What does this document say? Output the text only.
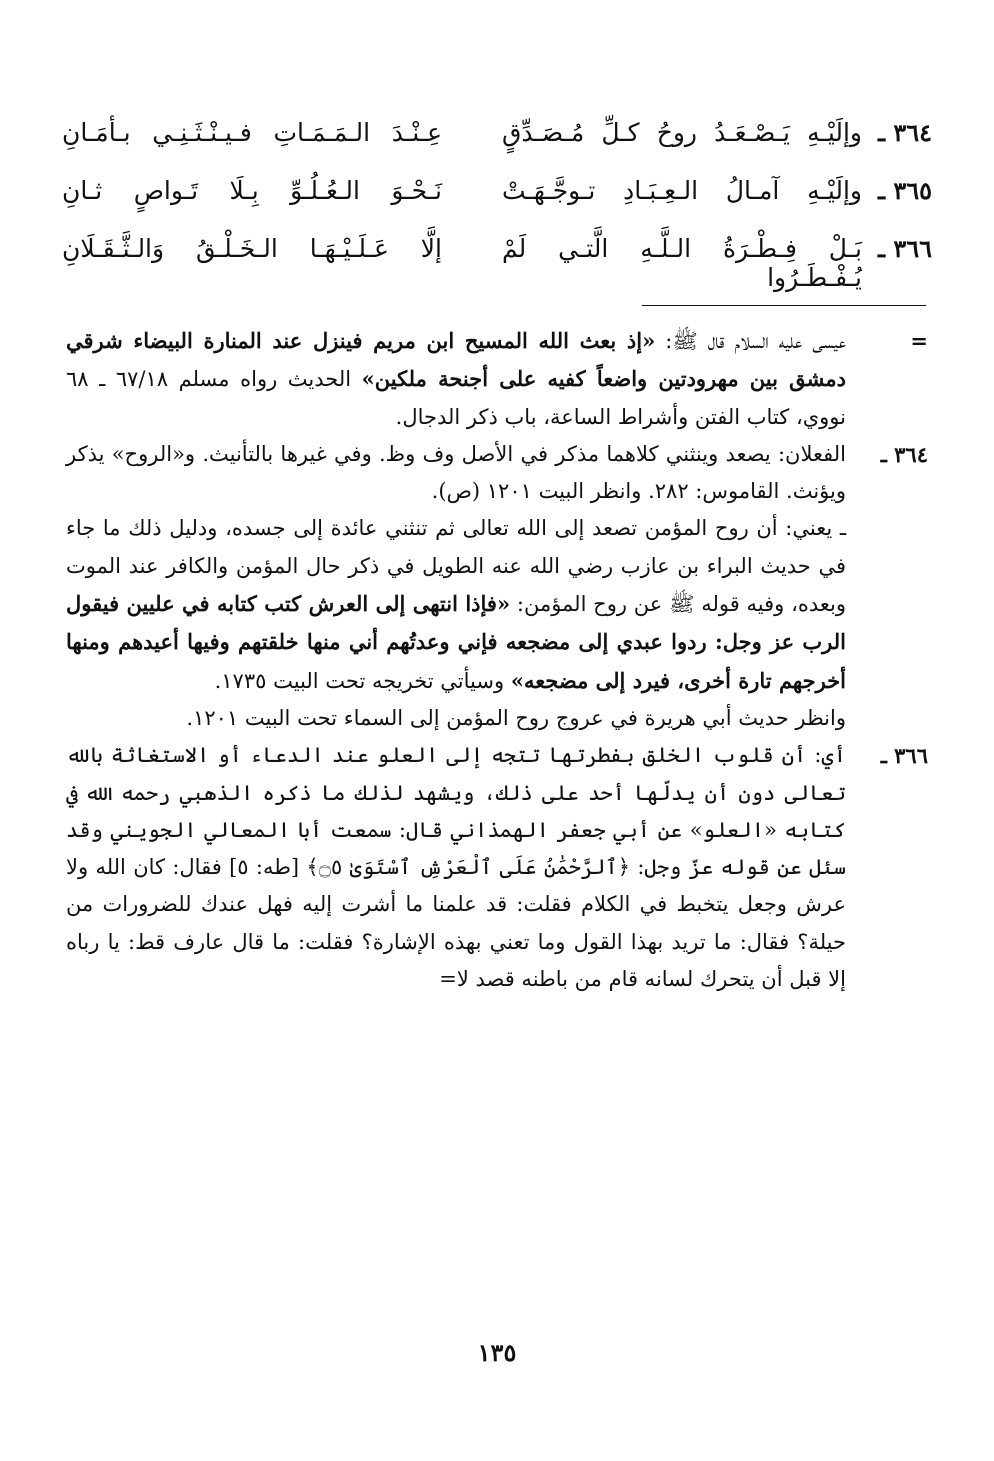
٣٦٤ ـ
وإلَيْـهِ يَـصْـعَـدُ روحُ كـلِّ مُـصَـدِّقٍ
عِـنْـدَ الـمَـمَـاتِ فـيـنْـثَـنِـي بـأمَـانِ
٣٦٥ ـ
وإلَيْـهِ آمـالُ الـعِـبَـادِ تـوجَّـهَـتْ
نَـحْـوَ الـعُـلُـوِّ بِـلَا تَـواصٍ ثـانِ
٣٦٦ ـ
بَـلْ فِـطْـرَةُ الـلَّـهِ الَّتـي لَمْ يُـفْـطَـرُوا
إلَّا عَـلَـيْـهَـا الـخَـلْـقُ وَالـثَّـقَـلَانِ
=

عيسى عليه السلام قال ﷺ: «إذ بعث الله المسيح ابن مريم فينزل عند المنارة البيضاء شرقي دمشق بين مهرودتين واضعاً كفيه على أجنحة ملكين» الحديث رواه مسلم ٦٧/١٨ ـ ٦٨ نووي، كتاب الفتن وأشراط الساعة، باب ذكر الدجال.

٣٦٤ ـ

الفعلان: يصعد وينثني كلاهما مذكر في الأصل وف وظ. وفي غيرها بالتأنيث. و«الروح» يذكر ويؤنث. القاموس: ٢٨٢. وانظر البيت ١٢٠١ (ص).

ـ يعني: أن روح المؤمن تصعد إلى الله تعالى ثم تنثني عائدة إلى جسده، ودليل ذلك ما جاء في حديث البراء بن عازب رضي الله عنه الطويل في ذكر حال المؤمن والكافر عند الموت وبعده، وفيه قوله ﷺ عن روح المؤمن: «فإذا انتهى إلى العرش كتب كتابه في عليين فيقول الرب عز وجل: ردوا عبدي إلى مضجعه فإني وعدتُهم أني منها خلقتهم وفيها أعيدهم ومنها أخرجهم تارة أخرى، فيرد إلى مضجعه» وسيأتي تخريجه تحت البيت ١٧٣٥.

وانظر حديث أبي هريرة في عروج روح المؤمن إلى السماء تحت البيت ١٢٠١.

٣٦٦ ـ

أي: أن قلوب الخلق بفطرتها تتجه إلى العلو عند الدعاء أو الاستغاثة بالله تعالى دون أن يدلّها أحد على ذلك، ويشهد لذلك ما ذكره الذهبي رحمه الله في كتابه «العلو» عن أبي جعفر الهمذاني قال: سمعت أبا المعالي الجويني وقد سئل عن قوله عزّ وجل: ﴿ٱلرَّحْمَٰنُ عَلَى ٱلْعَرْشِ ٱسْتَوَىٰ ۝٥﴾ [طه: ٥] فقال: كان الله ولا عرش وجعل يتخبط في الكلام فقلت: قد علمنا ما أشرت إليه فهل عندك للضرورات من حيلة؟ فقال: ما تريد بهذا القول وما تعني بهذه الإشارة؟ فقلت: ما قال عارف قط: يا رباه إلا قبل أن يتحرك لسانه قام من باطنه قصد لا=

١٣٥
